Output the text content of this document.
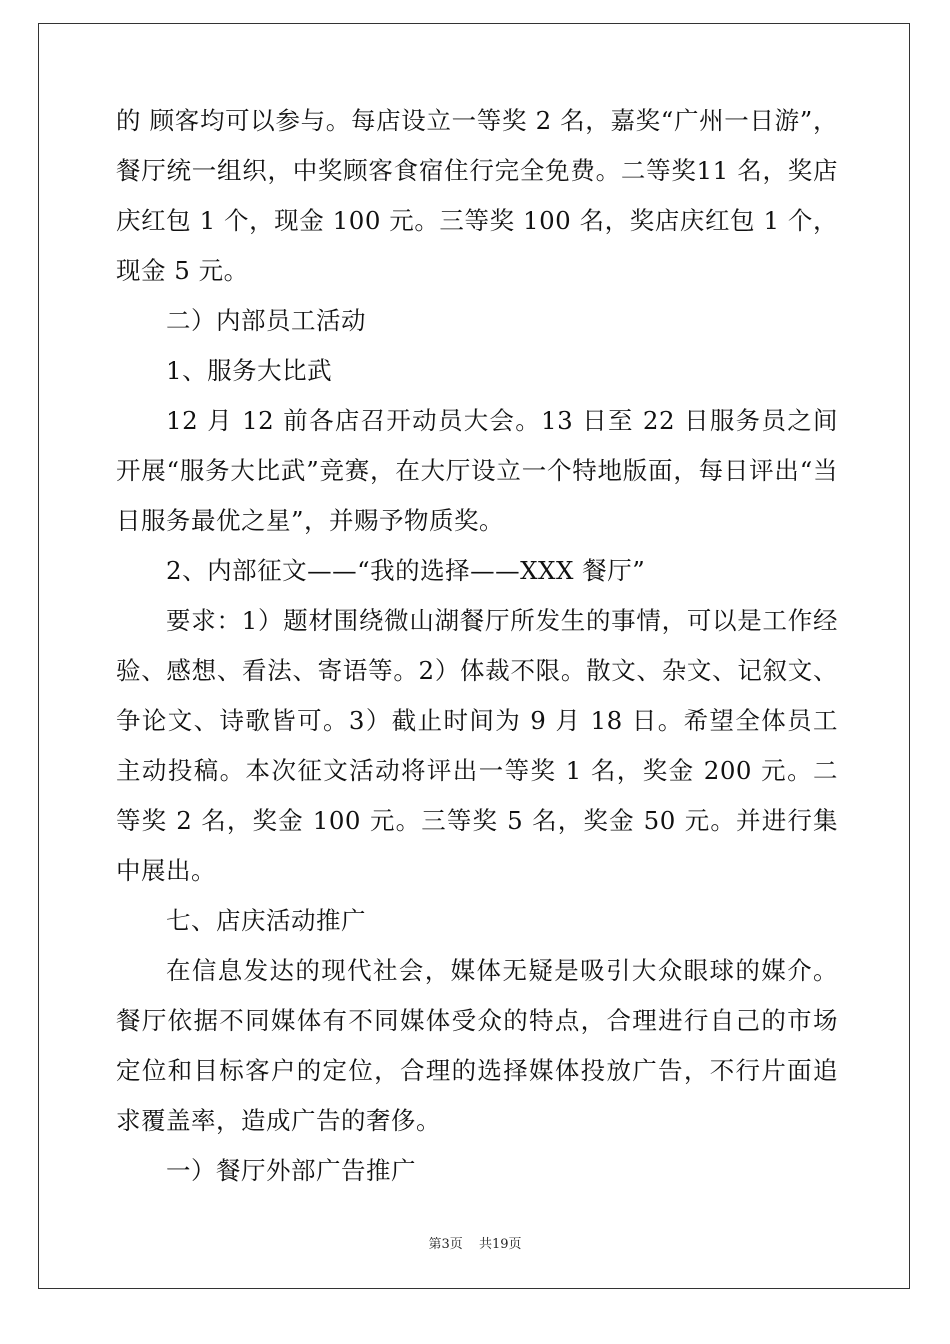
的 顾客均可以参与。每店设立一等奖 2 名，嘉奖“广州一日游”，餐厅统一组织，中奖顾客食宿住行完全免费。二等奖11 名，奖店庆红包 1 个，现金 100 元。三等奖 100 名，奖店庆红包 1 个，现金 5 元。

二）内部员工活动

1、服务大比武

12 月 12 前各店召开动员大会。13 日至 22 日服务员之间开展“服务大比武”竞赛，在大厅设立一个特地版面，每日评出“当日服务最优之星”，并赐予物质奖。

2、内部征文——“我的选择——XXX 餐厅”

要求：1）题材围绕微山湖餐厅所发生的事情，可以是工作经验、感想、看法、寄语等。2）体裁不限。散文、杂文、记叙文、争论文、诗歌皆可。3）截止时间为 9 月 18 日。希望全体员工主动投稿。本次征文活动将评出一等奖 1 名，奖金 200 元。二等奖 2 名，奖金 100 元。三等奖 5 名，奖金 50 元。并进行集中展出。

七、店庆活动推广

在信息发达的现代社会，媒体无疑是吸引大众眼球的媒介。餐厅依据不同媒体有不同媒体受众的特点，合理进行自己的市场定位和目标客户的定位，合理的选择媒体投放广告，不行片面追求覆盖率，造成广告的奢侈。

一）餐厅外部广告推广

第3页 共19页
